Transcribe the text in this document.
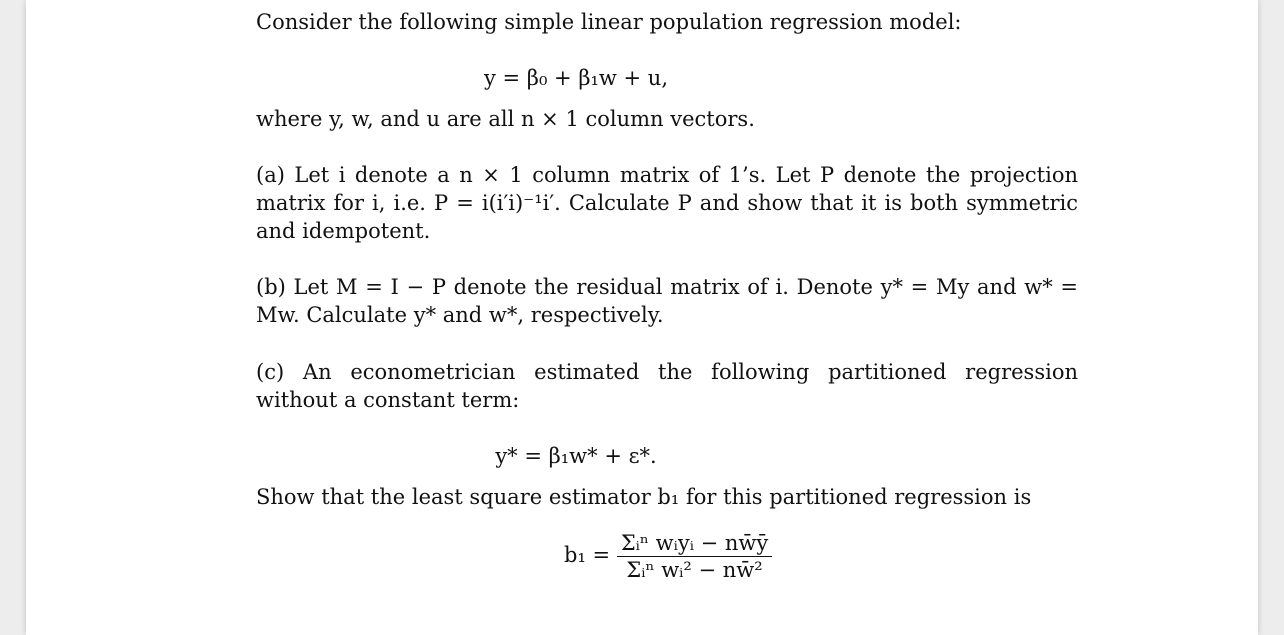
Consider the following simple linear population regression model:
y = β₀ + β₁w + u,
where y, w, and u are all n × 1 column vectors.
(a) Let i denote a n × 1 column matrix of 1’s. Let P denote the projection matrix for i, i.e. P = i(i′i)⁻¹i′. Calculate P and show that it is both symmetric and idempotent.
(b) Let M = I − P denote the residual matrix of i. Denote y* = My and w* = Mw. Calculate y* and w*, respectively.
(c) An econometrician estimated the following partitioned regression without a constant term:
y* = β₁w* + ε*.
Show that the least square estimator b₁ for this partitioned regression is
$b_1 = \frac{\text{Σᵢⁿ wᵢyᵢ − nw̄ȳ}}{\text{Σᵢⁿ wᵢ² − nw̄²}}$
